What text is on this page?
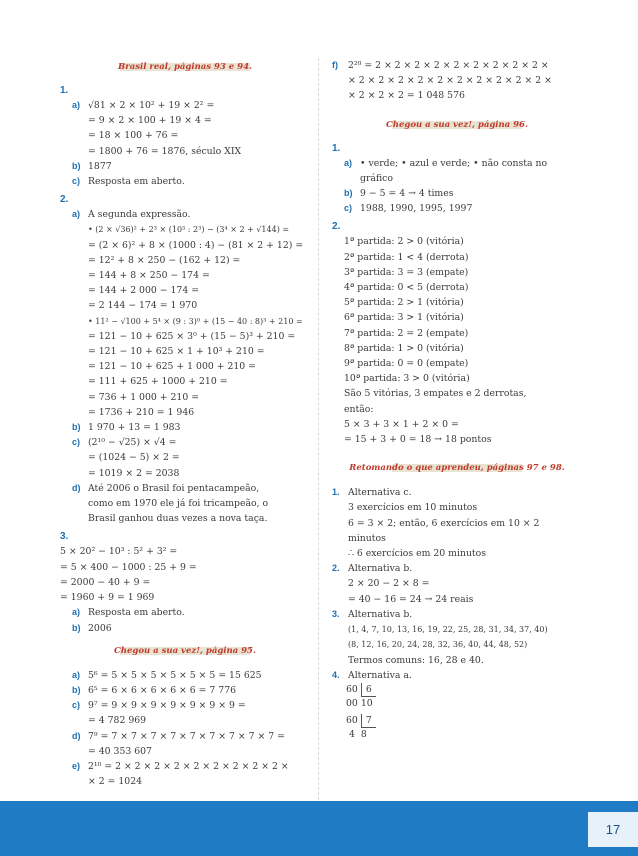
Brasil real, páginas 93 e 94.
1.
a) √81 × 2 × 10² + 19 × 2² =
= 9 × 2 × 100 + 19 × 4 =
= 18 × 100 + 76 =
= 1800 + 76 = 1876, século XIX
b) 1877
c) Resposta em aberto.
2.
a) A segunda expressão.
• (2 × √36)² + 2³ × (10³ : 2³) − (3⁴ × 2 + √144) =
= (2 × 6)² + 8 × (1000 : 4) − (81 × 2 + 12) =
= 12² + 8 × 250 − (162 + 12) =
= 144 + 8 × 250 − 174 =
= 144 + 2 000 − 174 =
= 2 144 − 174 = 1 970
• 11² − √100 + 5⁴ × (9 : 3)⁰ + (15 − 40 : 8)³ + 210 =
= 121 − 10 + 625 × 3⁰ + (15 − 5)³ + 210 =
= 121 − 10 + 625 × 1 + 10³ + 210 =
= 121 − 10 + 625 + 1 000 + 210 =
= 111 + 625 + 1000 + 210 =
= 736 + 1 000 + 210 =
= 1736 + 210 = 1 946
b) 1 970 + 13 = 1 983
c) (2¹⁰ − √25) × √4 =
= (1024 − 5) × 2 =
= 1019 × 2 = 2038
d) Até 2006 o Brasil foi pentacampeão,
como em 1970 ele já foi tricampeão, o
Brasil ganhou duas vezes a nova taça.
3.
5 × 20² − 10³ : 5² + 3² =
= 5 × 400 − 1000 : 25 + 9 =
= 2000 − 40 + 9 =
= 1960 + 9 = 1 969
a) Resposta em aberto.
b) 2006
Chegou a sua vez!, página 95.
a) 5⁶ = 5 × 5 × 5 × 5 × 5 × 5 = 15 625
b) 6⁵ = 6 × 6 × 6 × 6 × 6 = 7 776
c) 9⁷ = 9 × 9 × 9 × 9 × 9 × 9 × 9 =
= 4 782 969
d) 7⁹ = 7 × 7 × 7 × 7 × 7 × 7 × 7 × 7 × 7 =
= 40 353 607
e) 2¹⁰ = 2 × 2 × 2 × 2 × 2 × 2 × 2 × 2 × 2 ×
× 2 = 1024
f) 2²⁰ = 2 × 2 × 2 × 2 × 2 × 2 × 2 × 2 × 2 ×
× 2 × 2 × 2 × 2 × 2 × 2 × 2 × 2 × 2 × 2 ×
× 2 × 2 × 2 = 1 048 576
Chegou a sua vez!, página 96.
1.
a) • verde; • azul e verde; • não consta no
gráfico
b) 9 − 5 = 4 → 4 times
c) 1988, 1990, 1995, 1997
2.
1ª partida: 2 > 0 (vitória)
2ª partida: 1 < 4 (derrota)
3ª partida: 3 = 3 (empate)
4ª partida: 0 < 5 (derrota)
5ª partida: 2 > 1 (vitória)
6ª partida: 3 > 1 (vitória)
7ª partida: 2 = 2 (empate)
8ª partida: 1 > 0 (vitória)
9ª partida: 0 = 0 (empate)
10ª partida: 3 > 0 (vitória)
São 5 vitórias, 3 empates e 2 derrotas,
então:
5 × 3 + 3 × 1 + 2 × 0 =
= 15 + 3 + 0 = 18 → 18 pontos
Retomando o que aprendeu, páginas 97 e 98.
1. Alternativa c.
3 exercícios em 10 minutos
6 = 3 × 2; então, 6 exercícios em 10 × 2
minutos
∴ 6 exercícios em 20 minutos
2. Alternativa b.
2 × 20 − 2 × 8 =
= 40 − 16 = 24 → 24 reais
3. Alternativa b.
(1, 4, 7, 10, 13, 16, 19, 22, 25, 28, 31, 34, 37, 40)
(8, 12, 16, 20, 24, 28, 32, 36, 40, 44, 48, 52)
Termos comuns: 16, 28 e 40.
4. Alternativa a.
60 6
00 10
60 7
4 8
17
